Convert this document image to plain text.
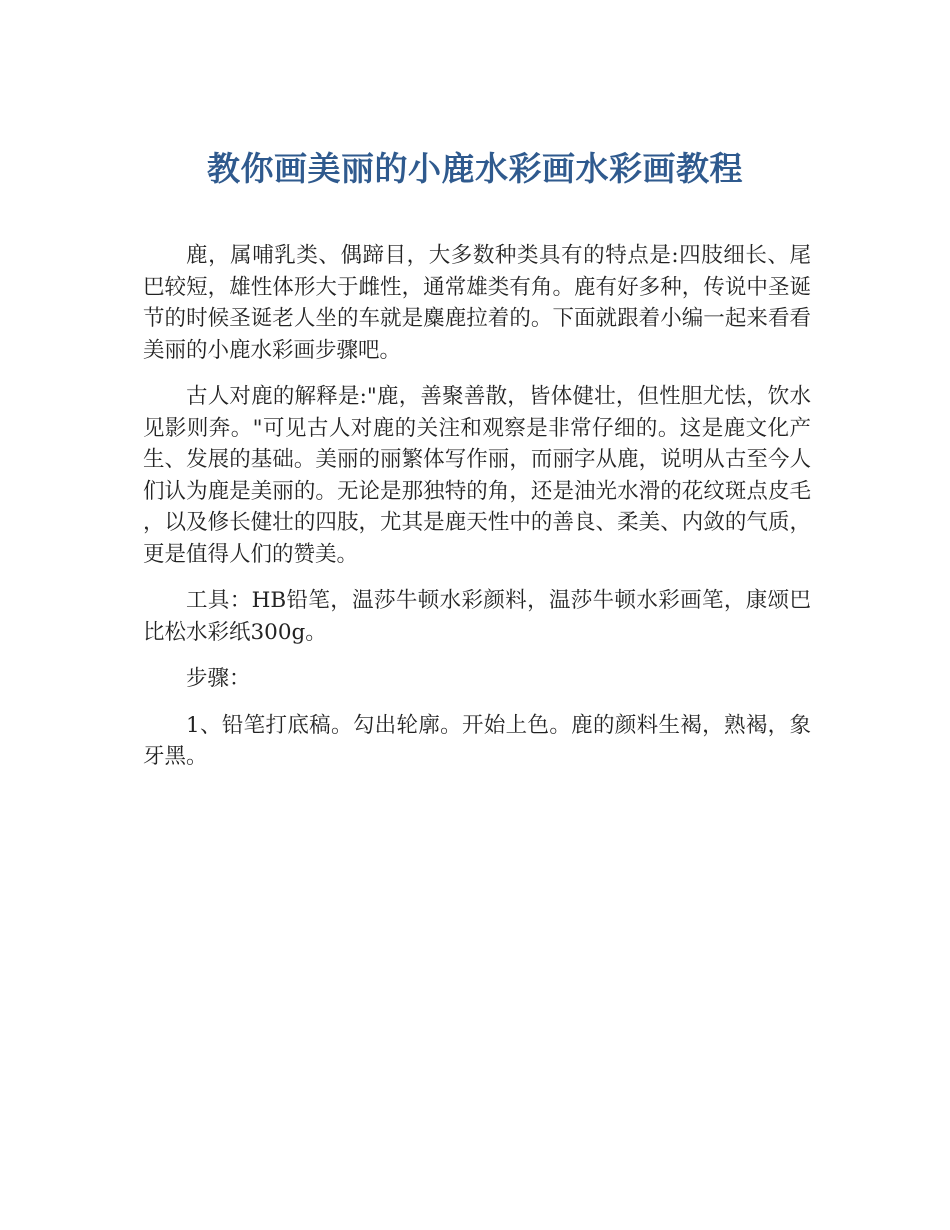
教你画美丽的小鹿水彩画水彩画教程

鹿，属哺乳类、偶蹄目，大多数种类具有的特点是:四肢细长、尾巴较短，雄性体形大于雌性，通常雄类有角。鹿有好多种，传说中圣诞节的时候圣诞老人坐的车就是麋鹿拉着的。下面就跟着小编一起来看看美丽的小鹿水彩画步骤吧。

古人对鹿的解释是:"鹿，善聚善散，皆体健壮，但性胆尤怯，饮水见影则奔。"可见古人对鹿的关注和观察是非常仔细的。这是鹿文化产生、发展的基础。美丽的丽繁体写作丽，而丽字从鹿，说明从古至今人们认为鹿是美丽的。无论是那独特的角，还是油光水滑的花纹斑点皮毛，以及修长健壮的四肢，尤其是鹿天性中的善良、柔美、内敛的气质，更是值得人们的赞美。

工具：HB铅笔，温莎牛顿水彩颜料，温莎牛顿水彩画笔，康颂巴比松水彩纸300g。

步骤：

1、铅笔打底稿。勾出轮廓。开始上色。鹿的颜料生褐，熟褐，象牙黑。
